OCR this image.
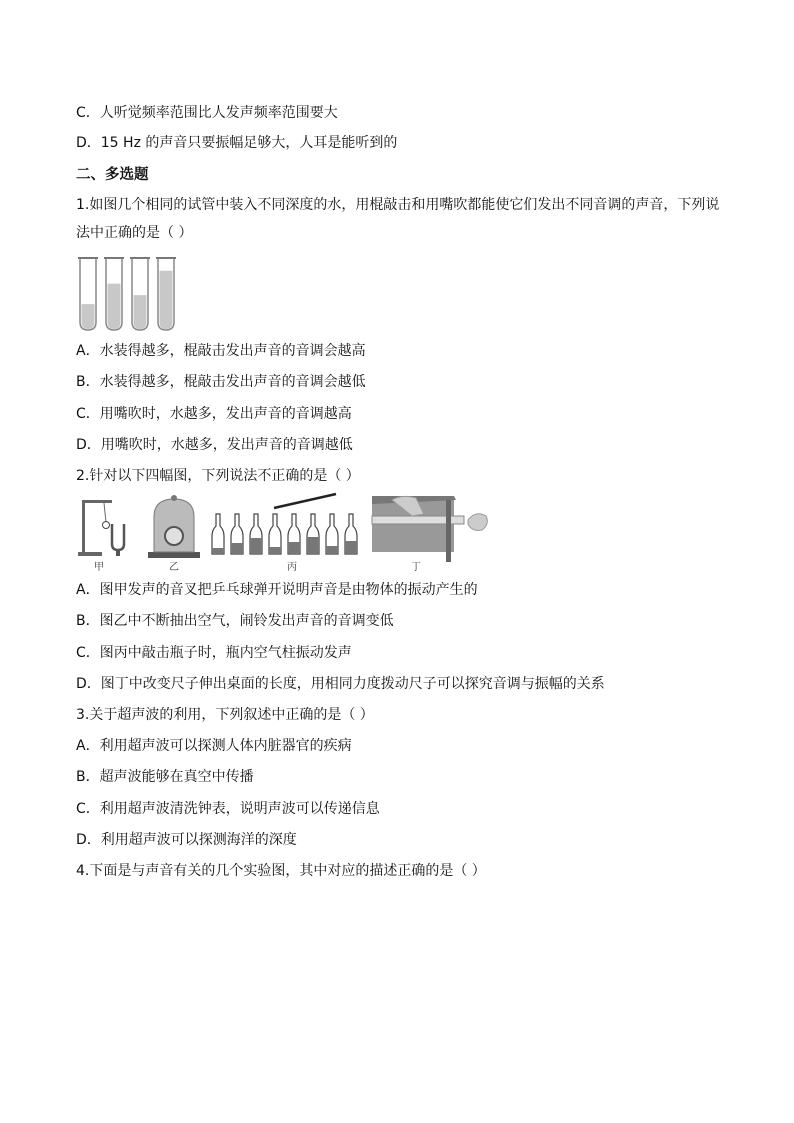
C．人听觉频率范围比人发声频率范围要大
D．15 Hz 的声音只要振幅足够大，人耳是能听到的
二、多选题
1.如图几个相同的试管中装入不同深度的水，用棍敲击和用嘴吹都能使它们发出不同音调的声音，下列说法中正确的是（ ）
A．水装得越多，棍敲击发出声音的音调会越高
B．水装得越多，棍敲击发出声音的音调会越低
C．用嘴吹时，水越多，发出声音的音调越高
D．用嘴吹时，水越多，发出声音的音调越低
2.针对以下四幅图，下列说法不正确的是（ ）
甲	乙	丙	丁
A．图甲发声的音叉把乒乓球弹开说明声音是由物体的振动产生的
B．图乙中不断抽出空气，闹铃发出声音的音调变低
C．图丙中敲击瓶子时，瓶内空气柱振动发声
D．图丁中改变尺子伸出桌面的长度，用相同力度拨动尺子可以探究音调与振幅的关系
3.关于超声波的利用，下列叙述中正确的是（ ）
A．利用超声波可以探测人体内脏器官的疾病
B．超声波能够在真空中传播
C．利用超声波清洗钟表，说明声波可以传递信息
D．利用超声波可以探测海洋的深度
4.下面是与声音有关的几个实验图，其中对应的描述正确的是（ ）
